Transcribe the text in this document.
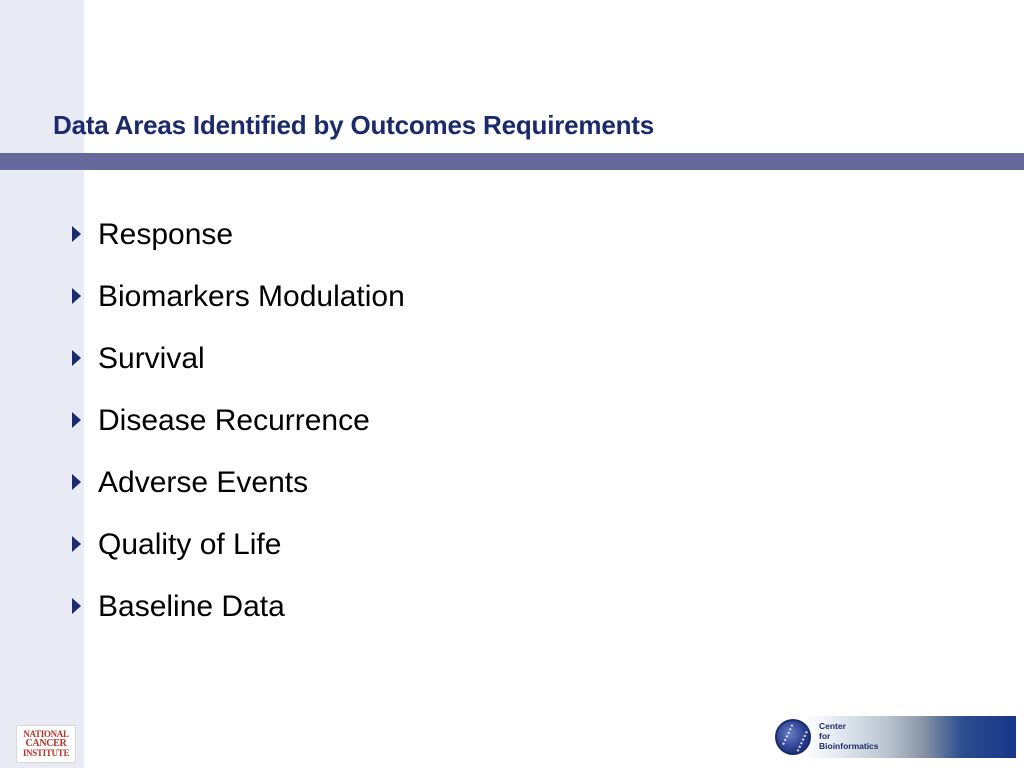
Data Areas Identified by Outcomes Requirements
Response
Biomarkers Modulation
Survival
Disease Recurrence
Adverse Events
Quality of Life
Baseline Data
NATIONAL
CANCER
INSTITUTE
Center
for
Bioinformatics
